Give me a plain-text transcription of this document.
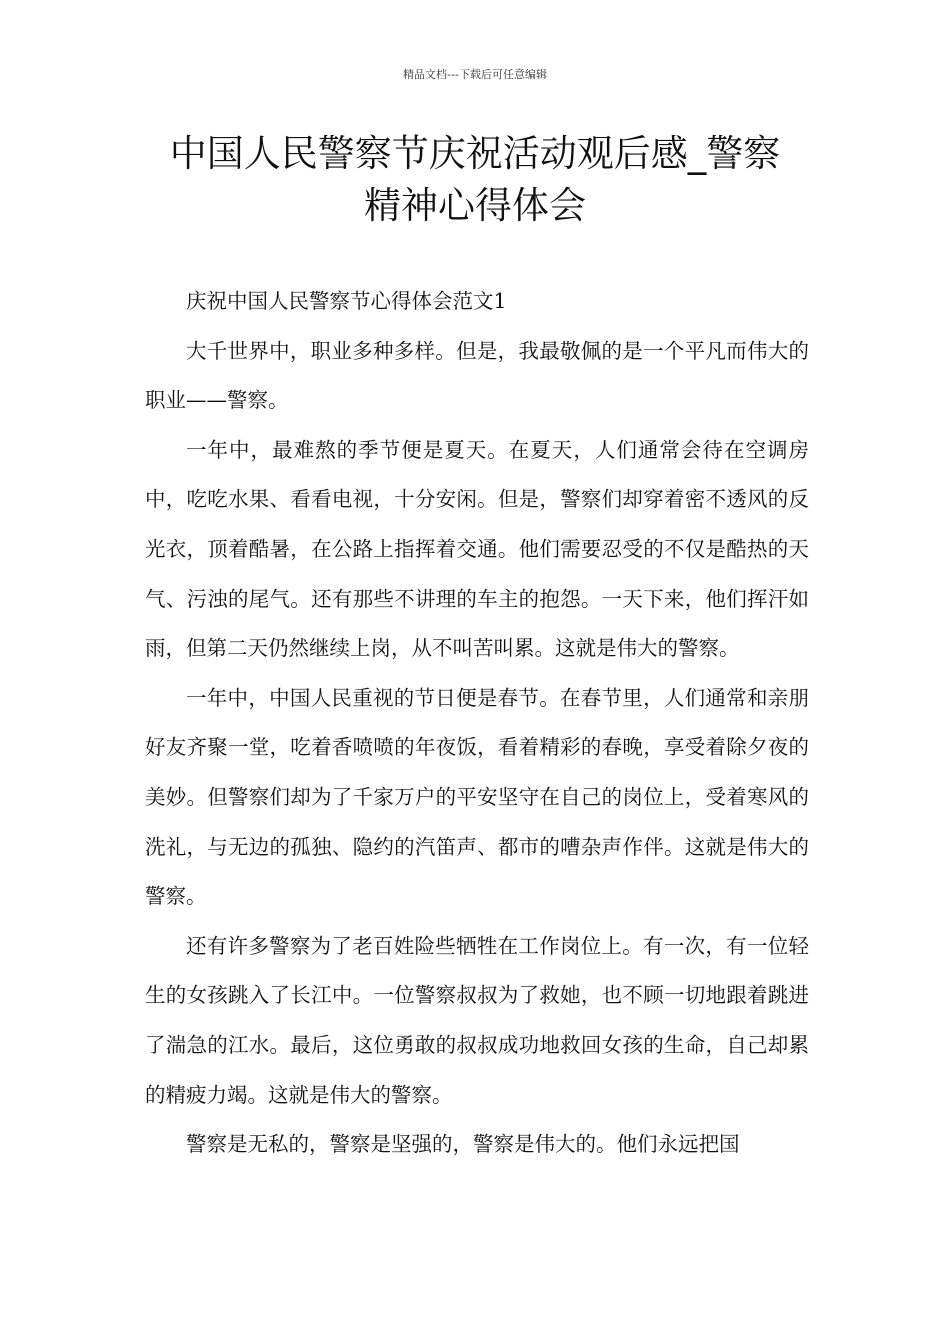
精品文档---下载后可任意编辑
中国人民警察节庆祝活动观后感_警察
精神心得体会

庆祝中国人民警察节心得体会范文1

大千世界中，职业多种多样。但是，我最敬佩的是一个平凡而伟大的职业——警察。

一年中，最难熬的季节便是夏天。在夏天，人们通常会待在空调房中，吃吃水果、看看电视，十分安闲。但是，警察们却穿着密不透风的反光衣，顶着酷暑，在公路上指挥着交通。他们需要忍受的不仅是酷热的天气、污浊的尾气。还有那些不讲理的车主的抱怨。一天下来，他们挥汗如雨，但第二天仍然继续上岗，从不叫苦叫累。这就是伟大的警察。

一年中，中国人民重视的节日便是春节。在春节里，人们通常和亲朋好友齐聚一堂，吃着香喷喷的年夜饭，看着精彩的春晚，享受着除夕夜的美妙。但警察们却为了千家万户的平安坚守在自己的岗位上，受着寒风的洗礼，与无边的孤独、隐约的汽笛声、都市的嘈杂声作伴。这就是伟大的警察。

还有许多警察为了老百姓险些牺牲在工作岗位上。有一次，有一位轻生的女孩跳入了长江中。一位警察叔叔为了救她，也不顾一切地跟着跳进了湍急的江水。最后，这位勇敢的叔叔成功地救回女孩的生命，自己却累的精疲力竭。这就是伟大的警察。

警察是无私的，警察是坚强的，警察是伟大的。他们永远把国
